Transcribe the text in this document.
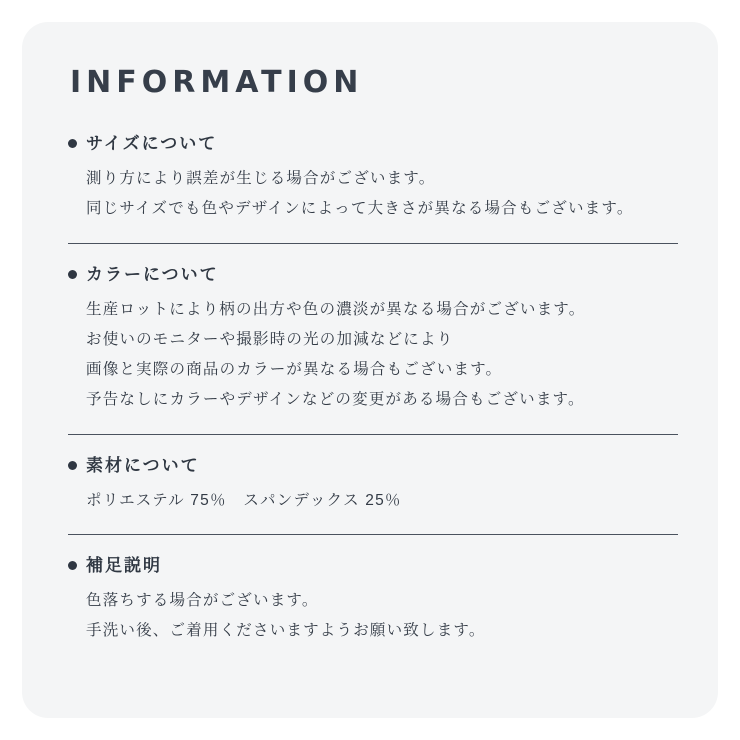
INFORMATION
サイズについて
測り方により誤差が生じる場合がございます。
同じサイズでも色やデザインによって大きさが異なる場合もございます。
カラーについて
生産ロットにより柄の出方や色の濃淡が異なる場合がございます。
お使いのモニターや撮影時の光の加減などにより
画像と実際の商品のカラーが異なる場合もございます。
予告なしにカラーやデザインなどの変更がある場合もございます。
素材について
ポリエステル 75％　スパンデックス 25％
補足説明
色落ちする場合がございます。
手洗い後、ご着用くださいますようお願い致します。
